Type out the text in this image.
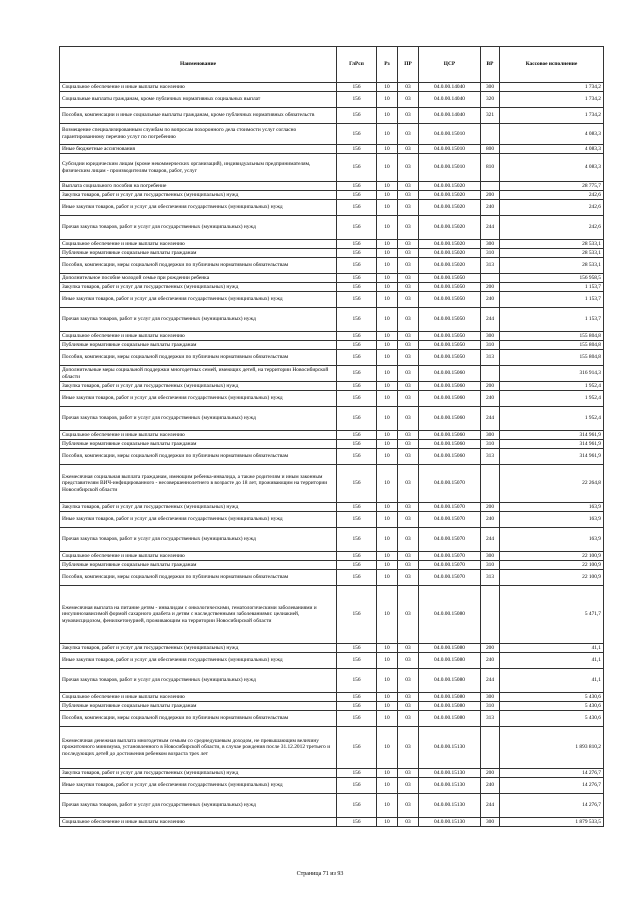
Наименование	ГлРсп	Рз	ПР	ЦСР	ВР	Кассовое исполнение
Социальное обеспечение и иные выплаты населению	156	10	03	04.0.00.14040	300	1 734,2
Социальные выплаты гражданам, кроме публичных нормативных социальных выплат	156	10	03	04.0.00.14040	320	1 734,2
Пособия, компенсации и иные социальные выплаты гражданам, кроме публичных нормативных обязательств	156	10	03	04.0.00.14040	321	1 734,2
Возмещение специализированным службам по вопросам похоронного дела стоимости услуг согласно гарантированному перечню услуг по погребению	156	10	03	04.0.00.15010		4 083,3
Иные бюджетные ассигнования	156	10	03	04.0.00.15010	800	4 083,3
Субсидии юридическим лицам (кроме некоммерческих организаций), индивидуальным предпринимателям, физическим лицам - производителям товаров, работ, услуг	156	10	03	04.0.00.15010	810	4 083,3
Выплата социального пособия на погребение	156	10	03	04.0.00.15020		28 775,7
Закупка товаров, работ и услуг для государственных (муниципальных) нужд	156	10	03	04.0.00.15020	200	242,6
Иные закупки товаров, работ и услуг для обеспечения государственных (муниципальных) нужд	156	10	03	04.0.00.15020	240	242,6
Прочая закупка товаров, работ и услуг для государственных (муниципальных) нужд	156	10	03	04.0.00.15020	244	242,6
Социальное обеспечение и иные выплаты населению	156	10	03	04.0.00.15020	300	28 533,1
Публичные нормативные социальные выплаты гражданам	156	10	03	04.0.00.15020	310	28 533,1
Пособия, компенсации, меры социальной поддержки по публичным нормативным обязательствам	156	10	03	04.0.00.15020	313	28 533,1
Дополнительное пособие молодой семье при рождении ребенка	156	10	03	04.0.00.15050		156 958,5
Закупка товаров, работ и услуг для государственных (муниципальных) нужд	156	10	03	04.0.00.15050	200	1 153,7
Иные закупки товаров, работ и услуг для обеспечения государственных (муниципальных) нужд	156	10	03	04.0.00.15050	240	1 153,7
Прочая закупка товаров, работ и услуг для государственных (муниципальных) нужд	156	10	03	04.0.00.15050	244	1 153,7
Социальное обеспечение и иные выплаты населению	156	10	03	04.0.00.15050	300	155 804,8
Публичные нормативные социальные выплаты гражданам	156	10	03	04.0.00.15050	310	155 804,8
Пособия, компенсации, меры социальной поддержки по публичным нормативным обязательствам	156	10	03	04.0.00.15050	313	155 804,8
Дополнительные меры социальной поддержки многодетных семей, имеющих детей, на территории Новосибирской области	156	10	03	04.0.00.15060		316 914,3
Закупка товаров, работ и услуг для государственных (муниципальных) нужд	156	10	03	04.0.00.15060	200	1 952,4
Иные закупки товаров, работ и услуг для обеспечения государственных (муниципальных) нужд	156	10	03	04.0.00.15060	240	1 952,4
Прочая закупка товаров, работ и услуг для государственных (муниципальных) нужд	156	10	03	04.0.00.15060	244	1 952,4
Социальное обеспечение и иные выплаты населению	156	10	03	04.0.00.15060	300	314 961,9
Публичные нормативные социальные выплаты гражданам	156	10	03	04.0.00.15060	310	314 961,9
Пособия, компенсации, меры социальной поддержки по публичным нормативным обязательствам	156	10	03	04.0.00.15060	313	314 961,9
Ежемесячная социальная выплата гражданам, имеющим ребенка-инвалида, а также родителям и иным законным представителям ВИЧ-инфицированного - несовершеннолетнего в возрасте до 18 лет, проживающим на территории Новосибирской области	156	10	03	04.0.00.15070		22 264,8
Закупка товаров, работ и услуг для государственных (муниципальных) нужд	156	10	03	04.0.00.15070	200	163,9
Иные закупки товаров, работ и услуг для обеспечения государственных (муниципальных) нужд	156	10	03	04.0.00.15070	240	163,9
Прочая закупка товаров, работ и услуг для государственных (муниципальных) нужд	156	10	03	04.0.00.15070	244	163,9
Социальное обеспечение и иные выплаты населению	156	10	03	04.0.00.15070	300	22 100,9
Публичные нормативные социальные выплаты гражданам	156	10	03	04.0.00.15070	310	22 100,9
Пособия, компенсации, меры социальной поддержки по публичным нормативным обязательствам	156	10	03	04.0.00.15070	313	22 100,9
Ежемесячная выплата на питание детям - инвалидам с онкологическими, гематологическими заболеваниями и инсулинозависимой формой сахарного диабета и детям с наследственными заболеваниями: целиакией, муковисцидозом, фенилкетонурией, проживающим на территории Новосибирской области	156	10	03	04.0.00.15080		5 471,7
Закупка товаров, работ и услуг для государственных (муниципальных) нужд	156	10	03	04.0.00.15080	200	41,1
Иные закупки товаров, работ и услуг для обеспечения государственных (муниципальных) нужд	156	10	03	04.0.00.15080	240	41,1
Прочая закупка товаров, работ и услуг для государственных (муниципальных) нужд	156	10	03	04.0.00.15080	244	41,1
Социальное обеспечение и иные выплаты населению	156	10	03	04.0.00.15080	300	5 430,6
Публичные нормативные социальные выплаты гражданам	156	10	03	04.0.00.15080	310	5 430,6
Пособия, компенсации, меры социальной поддержки по публичным нормативным обязательствам	156	10	03	04.0.00.15080	313	5 430,6
Ежемесячная денежная выплата многодетным семьям со среднедушевым доходом, не превышающим величину прожиточного минимума, установленного в Новосибирской области, в случае рождения после 31.12.2012 третьего и последующих детей до достижения ребенком возраста трех лет	156	10	03	04.0.00.15130		1 893 810,2
Закупка товаров, работ и услуг для государственных (муниципальных) нужд	156	10	03	04.0.00.15130	200	14 276,7
Иные закупки товаров, работ и услуг для обеспечения государственных (муниципальных) нужд	156	10	03	04.0.00.15130	240	14 276,7
Прочая закупка товаров, работ и услуг для государственных (муниципальных) нужд	156	10	03	04.0.00.15130	244	14 276,7
Социальное обеспечение и иные выплаты населению	156	10	03	04.0.00.15130	300	1 879 533,5
Страница 71 из 93
